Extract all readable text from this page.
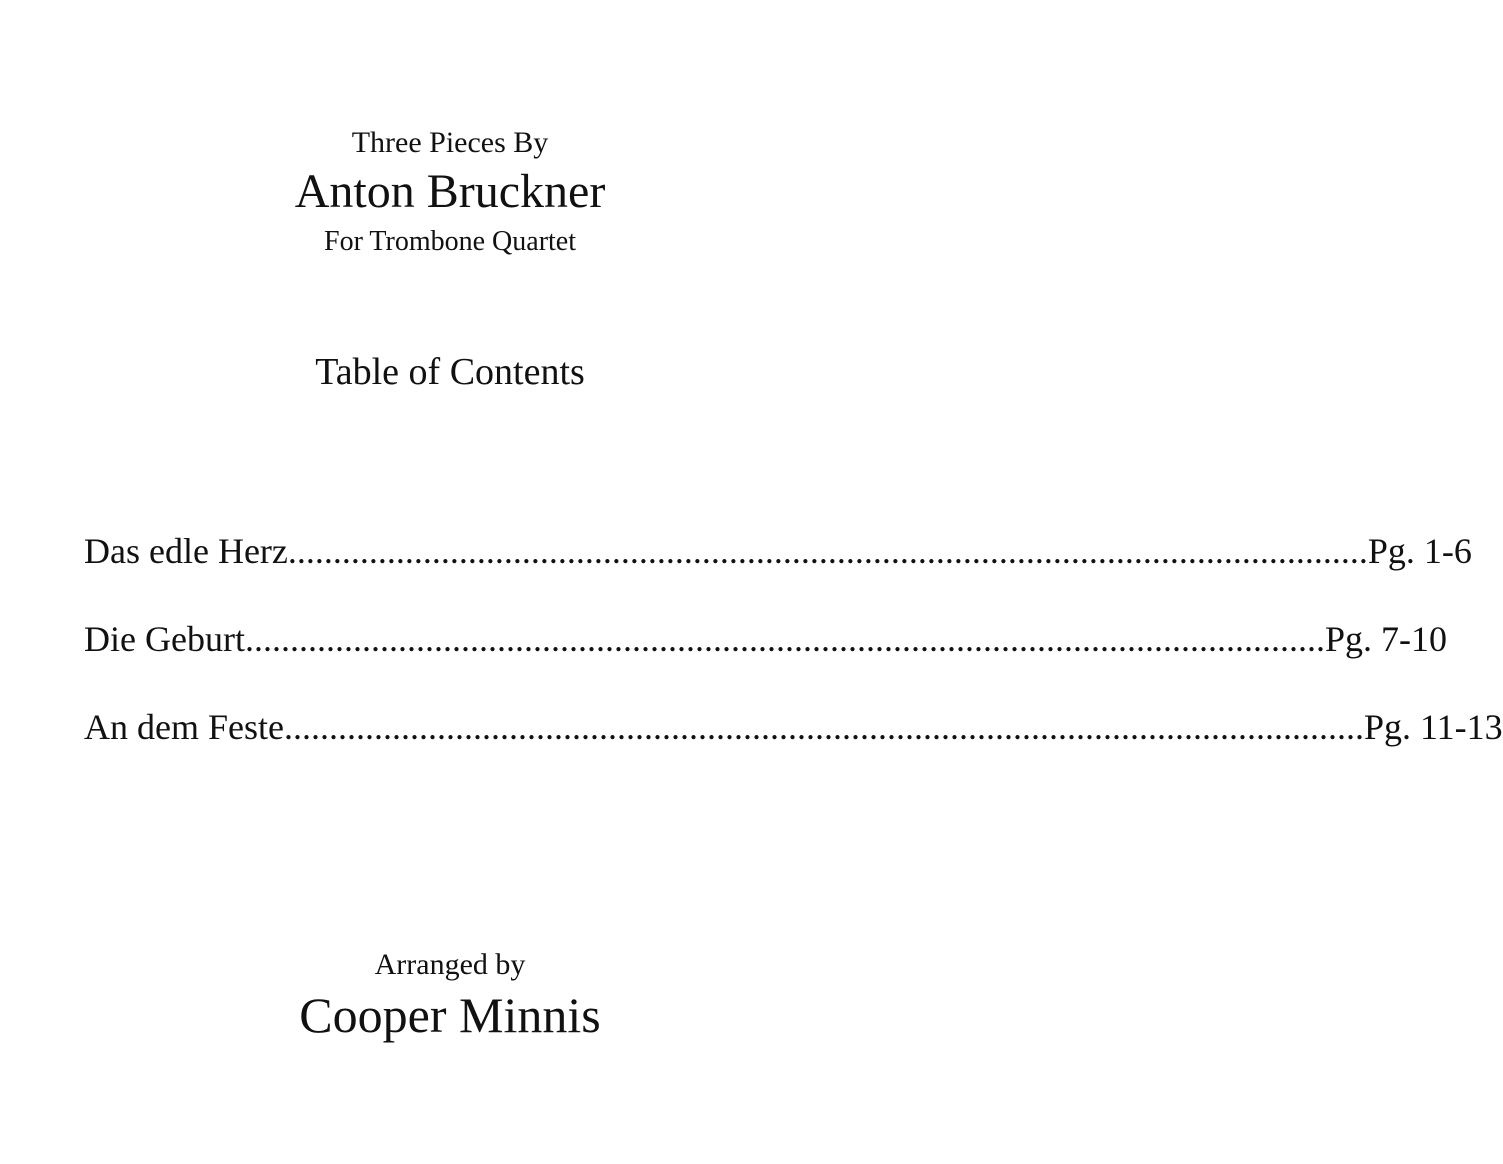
Three Pieces By
Anton Bruckner
For Trombone Quartet
Table of Contents
Das edle Herz ........................................................................................................................ Pg. 1-6
Die Geburt ........................................................................................................................ Pg. 7-10
An dem Feste ........................................................................................................................ Pg. 11-13
Arranged by
Cooper Minnis
